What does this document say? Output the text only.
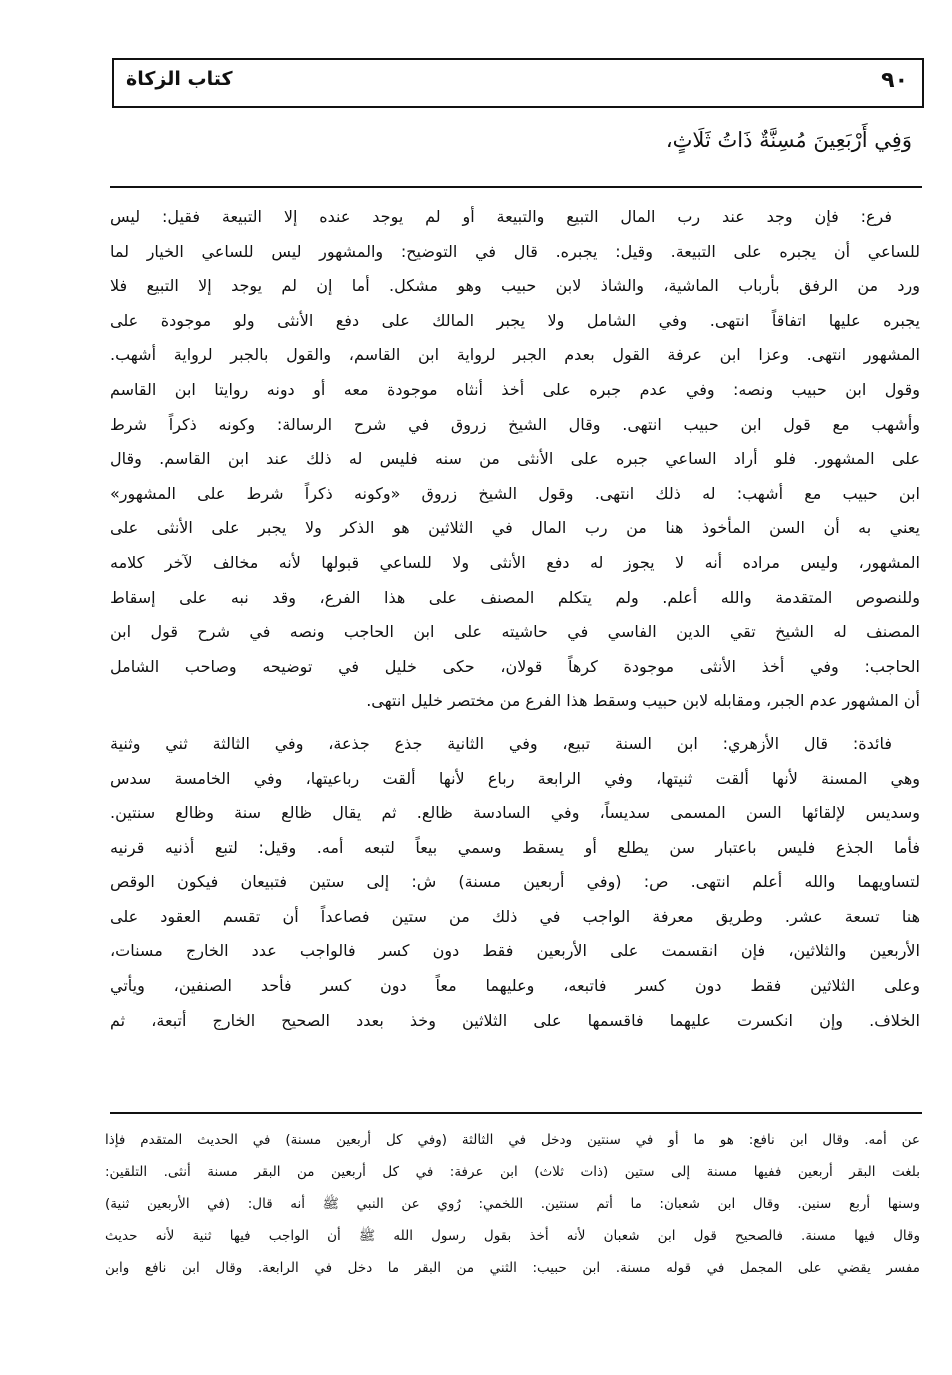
٩٠
كتاب الزكاة
وَفِي أَرْبَعِينَ مُسِنَّةٌ ذَاتُ ثَلَاثٍ،
فرع: فإن وجد عند رب المال التبيع والتبيعة أو لم يوجد عنده إلا التبيعة فقيل: ليس
للساعي أن يجبره على التبيعة. وقيل: يجبره. قال في التوضيح: والمشهور ليس للساعي الخيار لما
ورد من الرفق بأرباب الماشية، والشاذ لابن حبيب وهو مشكل. أما إن لم يوجد إلا التبيع فلا
يجبره عليها اتفاقاً انتهى. وفي الشامل ولا يجبر المالك على دفع الأنثى ولو موجودة على
المشهور انتهى. وعزا ابن عرفة القول بعدم الجبر لرواية ابن القاسم، والقول بالجبر لرواية أشهب.
وقول ابن حبيب ونصه: وفي عدم جبره على أخذ أنثاه موجودة معه أو دونه روايتا ابن القاسم
وأشهب مع قول ابن حبيب انتهى. وقال الشيخ زروق في شرح الرسالة: وكونه ذكراً شرط
على المشهور. فلو أراد الساعي جبره على الأنثى من سنه فليس له ذلك عند ابن القاسم. وقال
ابن حبيب مع أشهب: له ذلك انتهى. وقول الشيخ زروق «وكونه ذكراً شرط على المشهور»
يعني به أن السن المأخوذ هنا من رب المال في الثلاثين هو الذكر ولا يجبر على الأنثى على
المشهور، وليس مراده أنه لا يجوز له دفع الأنثى ولا للساعي قبولها لأنه مخالف لآخر كلامه
وللنصوص المتقدمة والله أعلم. ولم يتكلم المصنف على هذا الفرع، وقد نبه على إسقاط
المصنف له الشيخ تقي الدين الفاسي في حاشيته على ابن الحاجب ونصه في شرح قول ابن
الحاجب: وفي أخذ الأنثى موجودة كرهاً قولان، حكى خليل في توضيحه وصاحب الشامل
أن المشهور عدم الجبر، ومقابله لابن حبيب وسقط هذا الفرع من مختصر خليل انتهى.
فائدة: قال الأزهري: ابن السنة تبيع، وفي الثانية جذع جذعة، وفي الثالثة ثني وثنية
وهي المسنة لأنها ألقت ثنيتها، وفي الرابعة رباع لأنها ألقت رباعيتها، وفي الخامسة سدس
وسديس لإلقائها السن المسمى سديساً، وفي السادسة ظالع. ثم يقال ظالع سنة وظالع سنتين.
فأما الجذع فليس باعتبار سن يطلع أو يسقط وسمي بيعاً لتبعه أمه. وقيل: لتبع أذنيه قرنيه
لتساويهما والله أعلم انتهى. ص: (وفي أربعين مسنة) ش: إلى ستين فتبيعان فيكون الوقص
هنا تسعة عشر. وطريق معرفة الواجب في ذلك من ستين فصاعداً أن تقسم العقود على
الأربعين والثلاثين، فإن انقسمت على الأربعين فقط دون كسر فالواجب عدد الخارج مسنات،
وعلى الثلاثين فقط دون كسر فاتبعه، وعليهما معاً دون كسر فأحد الصنفين، ويأتي
الخلاف. وإن انكسرت عليهما فاقسمها على الثلاثين وخذ بعدد الصحيح الخارج أتبعة، ثم
عن أمه. وقال ابن نافع: هو ما أو في سنتين ودخل في الثالثة (وفي كل أربعين مسنة) في الحديث المتقدم فإذا
بلغت البقر أربعين ففيها مسنة إلى ستين (ذات ثلاث) ابن عرفة: في كل أربعين من البقر مسنة أنثى. التلقين:
وسنها أربع سنين. وقال ابن شعبان: ما أتم سنتين. اللخمي: رُوي عن النبي ﷺ أنه قال: (في الأربعين ثنية)
وقال فيها مسنة. فالصحيح قول ابن شعبان لأنه أخذ بقول رسول الله ﷺ أن الواجب فيها ثنية لأنه حديث
مفسر يقضي على المجمل في قوله مسنة. ابن حبيب: الثني من البقر ما دخل في الرابعة. وقال ابن نافع وابن
